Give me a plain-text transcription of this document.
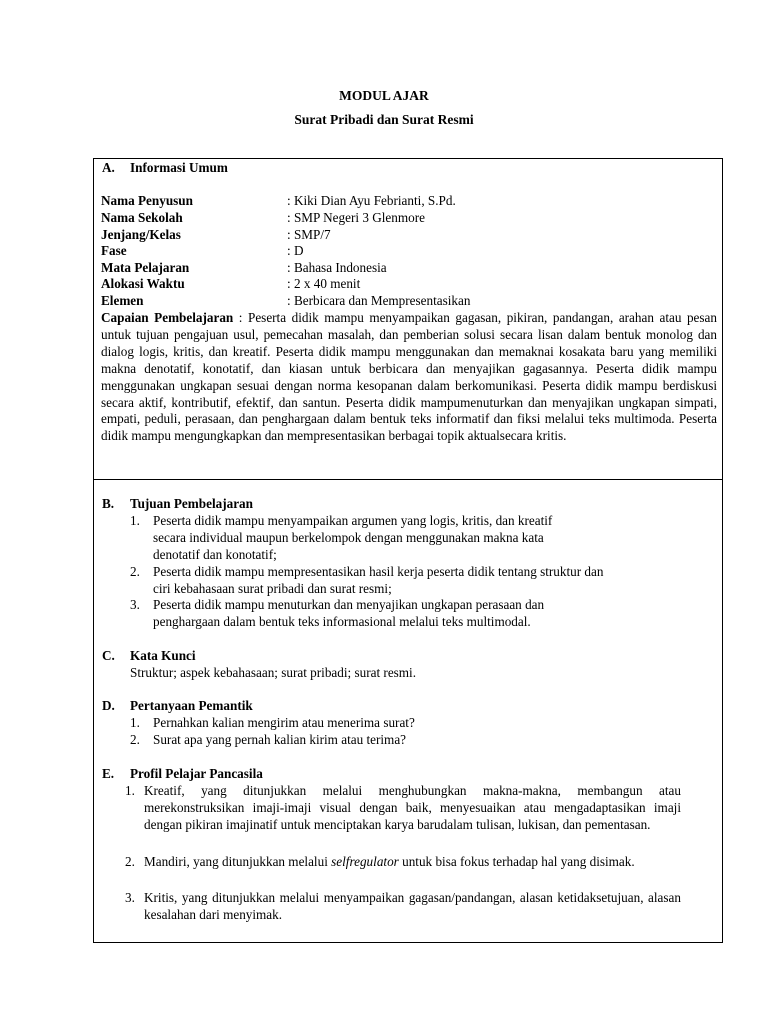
MODUL AJAR
Surat Pribadi dan Surat Resmi
A.	Informasi Umum
Nama Penyusun	: Kiki Dian Ayu Febrianti, S.Pd.
Nama Sekolah	: SMP Negeri 3 Glenmore
Jenjang/Kelas	: SMP/7
Fase	: D
Mata Pelajaran	: Bahasa Indonesia
Alokasi Waktu	: 2 x 40 menit
Elemen	: Berbicara dan Mempresentasikan
Capaian Pembelajaran : Peserta didik mampu menyampaikan gagasan, pikiran, pandangan, arahan atau pesan untuk tujuan pengajuan usul, pemecahan masalah, dan pemberian solusi secara lisan dalam bentuk monolog dan dialog logis, kritis, dan kreatif. Peserta didik mampu menggunakan dan memaknai kosakata baru yang memiliki makna denotatif, konotatif, dan kiasan untuk berbicara dan menyajikan gagasannya. Peserta didik mampu menggunakan ungkapan sesuai dengan norma kesopanan dalam berkomunikasi. Peserta didik mampu berdiskusi secara aktif, kontributif, efektif, dan santun. Peserta didik mampumenuturkan dan menyajikan ungkapan simpati, empati, peduli, perasaan, dan penghargaan dalam bentuk teks informatif dan fiksi melalui teks multimoda. Peserta didik mampu mengungkapkan dan mempresentasikan berbagai topik aktualsecara kritis.
B.	Tujuan Pembelajaran
1. Peserta didik mampu menyampaikan argumen yang logis, kritis, dan kreatif
secara individual maupun berkelompok dengan menggunakan makna kata
denotatif dan konotatif;
2. Peserta didik mampu mempresentasikan hasil kerja peserta didik tentang struktur dan
ciri kebahasaan surat pribadi dan surat resmi;
3. Peserta didik mampu menuturkan dan menyajikan ungkapan perasaan dan
penghargaan dalam bentuk teks informasional melalui teks multimodal.
C.	Kata Kunci
Struktur; aspek kebahasaan; surat pribadi; surat resmi.
D.	Pertanyaan Pemantik
1. Pernahkan kalian mengirim atau menerima surat?
2. Surat apa yang pernah kalian kirim atau terima?
E.	Profil Pelajar Pancasila
1. Kreatif, yang ditunjukkan melalui menghubungkan makna-makna, membangun atau merekonstruksikan imaji-imaji visual dengan baik, menyesuaikan atau mengadaptasikan imaji dengan pikiran imajinatif untuk menciptakan karya barudalam tulisan, lukisan, dan pementasan.
2. Mandiri, yang ditunjukkan melalui selfregulator untuk bisa fokus terhadap hal yang disimak.
3. Kritis, yang ditunjukkan melalui menyampaikan gagasan/pandangan, alasan ketidaksetujuan, alasan kesalahan dari menyimak.
